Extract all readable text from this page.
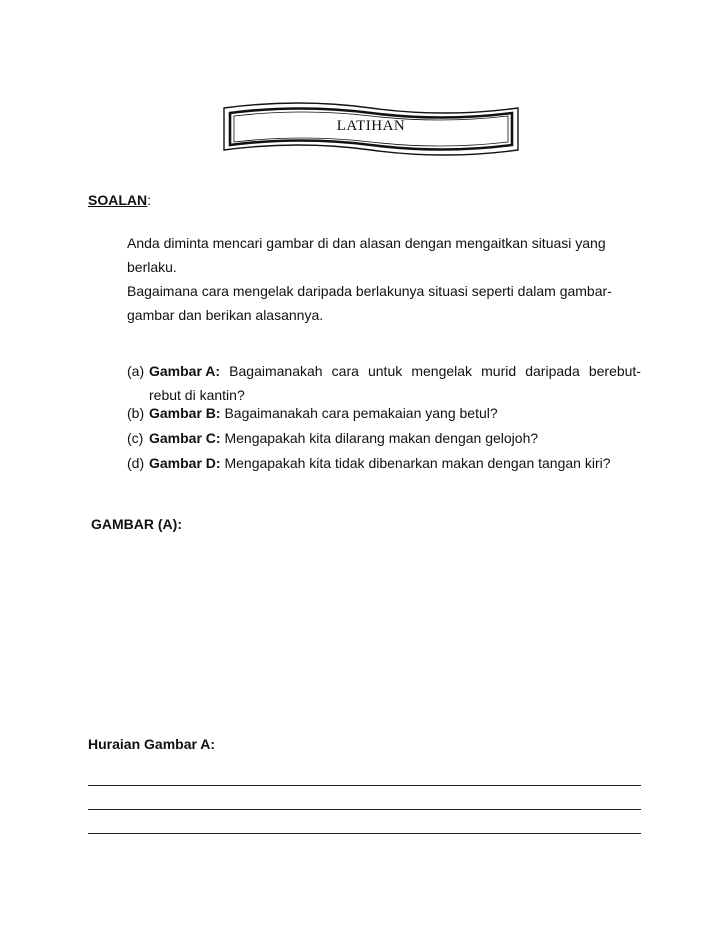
LATIHAN
SOALAN:
Anda diminta mencari gambar di dan alasan dengan mengaitkan situasi yang
berlaku.
Bagaimana cara mengelak daripada berlakunya situasi seperti dalam gambar-
gambar dan berikan alasannya.
(a) Gambar A: Bagaimanakah cara untuk mengelak murid daripada berebut-
rebut di kantin?
(b) Gambar B: Bagaimanakah cara pemakaian yang betul?
(c) Gambar C: Mengapakah kita dilarang makan dengan gelojoh?
(d) Gambar D: Mengapakah kita tidak dibenarkan makan dengan tangan kiri?
GAMBAR (A):
Huraian Gambar A:
